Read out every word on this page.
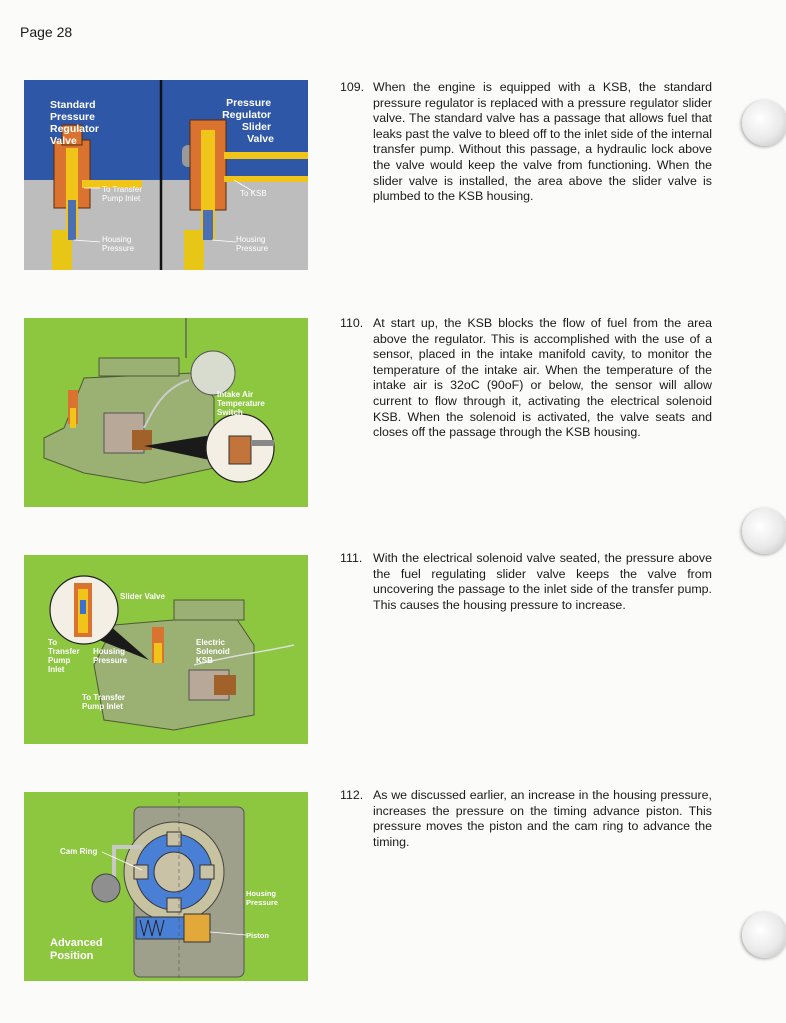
Page 28
Standard Pressure Regulator Valve
Pressure Regulator Slider Valve
To Transfer Pump Inlet Housing Pressure To KSB Housing Pressure
Intake Air Temperature Switch
Slider Valve To Transfer Pump Inlet Housing Pressure Electric Solenoid KSB To Transfer Pump Inlet
Cam Ring Housing Pressure Piston Advanced Position
109. When the engine is equipped with a KSB, the standard pressure regulator is replaced with a pressure regulator slider valve. The standard valve has a passage that allows fuel that leaks past the valve to bleed off to the inlet side of the internal transfer pump. Without this passage, a hydraulic lock above the valve would keep the valve from functioning. When the slider valve is installed, the area above the slider valve is plumbed to the KSB housing.
110. At start up, the KSB blocks the flow of fuel from the area above the regulator. This is accomplished with the use of a sensor, placed in the intake manifold cavity, to monitor the temperature of the intake air. When the temperature of the intake air is 32oC (90oF) or below, the sensor will allow current to flow through it, activating the electrical solenoid KSB. When the solenoid is activated, the valve seats and closes off the passage through the KSB housing.
111. With the electrical solenoid valve seated, the pressure above the fuel regulating slider valve keeps the valve from uncovering the passage to the inlet side of the transfer pump. This causes the housing pressure to increase.
112. As we discussed earlier, an increase in the housing pressure, increases the pressure on the timing advance piston. This pressure moves the piston and the cam ring to advance the timing.
